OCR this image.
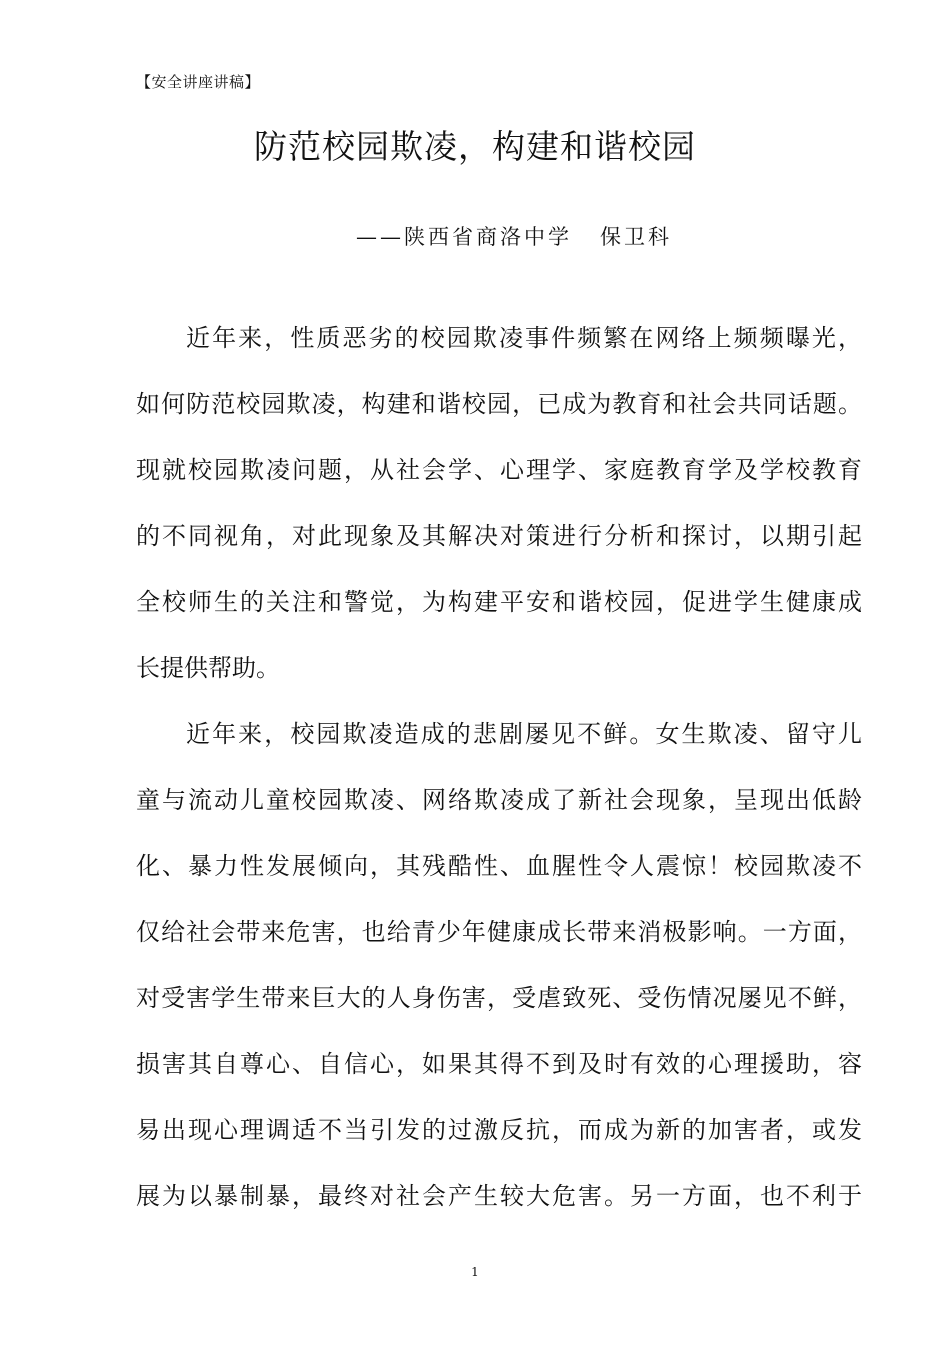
【安全讲座讲稿】
防范校园欺凌，构建和谐校园
——陕西省商洛中学 保卫科
近年来，性质恶劣的校园欺凌事件频繁在网络上频频曝光，
如何防范校园欺凌，构建和谐校园，已成为教育和社会共同话题。
现就校园欺凌问题，从社会学、心理学、家庭教育学及学校教育
的不同视角，对此现象及其解决对策进行分析和探讨，以期引起
全校师生的关注和警觉，为构建平安和谐校园，促进学生健康成
长提供帮助。
近年来，校园欺凌造成的悲剧屡见不鲜。女生欺凌、留守儿
童与流动儿童校园欺凌、网络欺凌成了新社会现象，呈现出低龄
化、暴力性发展倾向，其残酷性、血腥性令人震惊！校园欺凌不
仅给社会带来危害，也给青少年健康成长带来消极影响。一方面，
对受害学生带来巨大的人身伤害，受虐致死、受伤情况屡见不鲜，
损害其自尊心、自信心，如果其得不到及时有效的心理援助，容
易出现心理调适不当引发的过激反抗，而成为新的加害者，或发
展为以暴制暴，最终对社会产生较大危害。另一方面，也不利于
1
